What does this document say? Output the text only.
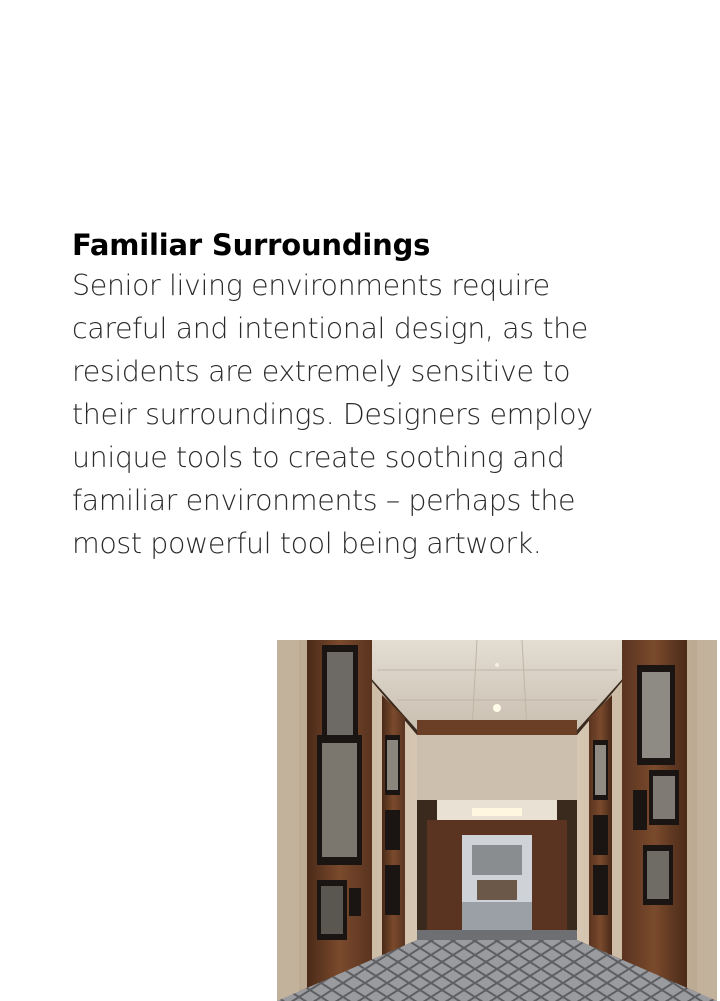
Familiar Surroundings

Senior living environments require
careful and intentional design, as the
residents are extremely sensitive to
their surroundings. Designers employ
unique tools to create soothing and
familiar environments – perhaps the
most powerful tool being artwork.
